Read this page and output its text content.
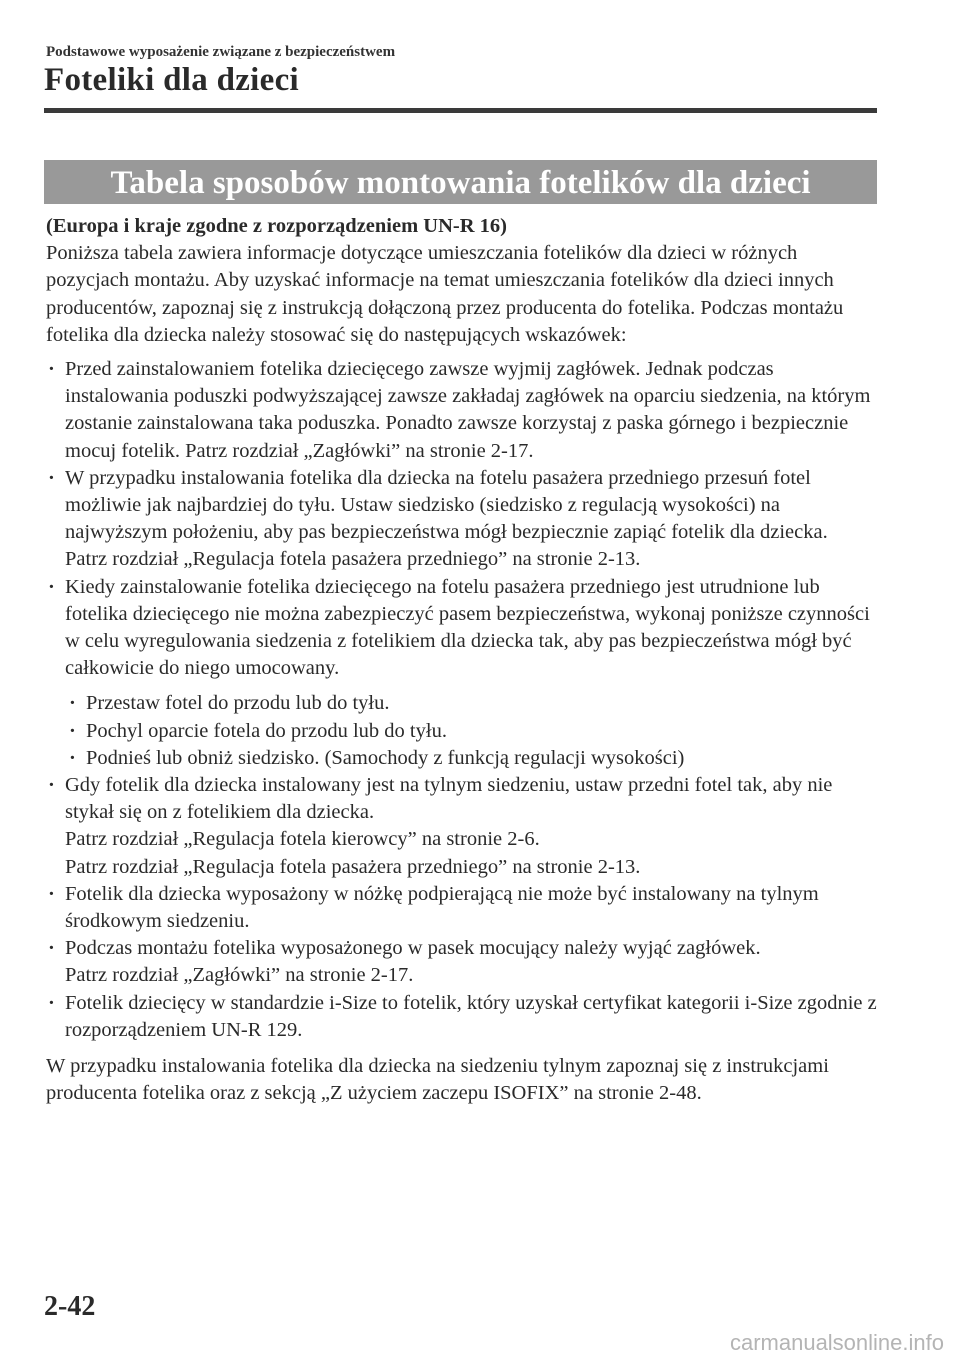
Podstawowe wyposażenie związane z bezpieczeństwem
Foteliki dla dzieci
Tabela sposobów montowania fotelików dla dzieci

(Europa i kraje zgodne z rozporządzeniem UN-R 16)

Poniższa tabela zawiera informacje dotyczące umieszczania fotelików dla dzieci w różnych pozycjach montażu. Aby uzyskać informacje na temat umieszczania fotelików dla dzieci innych producentów, zapoznaj się z instrukcją dołączoną przez producenta do fotelika. Podczas montażu fotelika dla dziecka należy stosować się do następujących wskazówek:

· Przed zainstalowaniem fotelika dziecięcego zawsze wyjmij zagłówek. Jednak podczas instalowania poduszki podwyższającej zawsze zakładaj zagłówek na oparciu siedzenia, na którym zostanie zainstalowana taka poduszka. Ponadto zawsze korzystaj z paska górnego i bezpiecznie mocuj fotelik. Patrz rozdział „Zagłówki” na stronie 2-17.
· W przypadku instalowania fotelika dla dziecka na fotelu pasażera przedniego przesuń fotel możliwie jak najbardziej do tyłu. Ustaw siedzisko (siedzisko z regulacją wysokości) na najwyższym położeniu, aby pas bezpieczeństwa mógł bezpiecznie zapiąć fotelik dla dziecka.
Patrz rozdział „Regulacja fotela pasażera przedniego” na stronie 2-13.
· Kiedy zainstalowanie fotelika dziecięcego na fotelu pasażera przedniego jest utrudnione lub fotelika dziecięcego nie można zabezpieczyć pasem bezpieczeństwa, wykonaj poniższe czynności w celu wyregulowania siedzenia z fotelikiem dla dziecka tak, aby pas bezpieczeństwa mógł być całkowicie do niego umocowany.
· Przestaw fotel do przodu lub do tyłu.
· Pochyl oparcie fotela do przodu lub do tyłu.
· Podnieś lub obniż siedzisko. (Samochody z funkcją regulacji wysokości)
· Gdy fotelik dla dziecka instalowany jest na tylnym siedzeniu, ustaw przedni fotel tak, aby nie stykał się on z fotelikiem dla dziecka.
Patrz rozdział „Regulacja fotela kierowcy” na stronie 2-6.
Patrz rozdział „Regulacja fotela pasażera przedniego” na stronie 2-13.
· Fotelik dla dziecka wyposażony w nóżkę podpierającą nie może być instalowany na tylnym środkowym siedzeniu.
· Podczas montażu fotelika wyposażonego w pasek mocujący należy wyjąć zagłówek.
Patrz rozdział „Zagłówki” na stronie 2-17.
· Fotelik dziecięcy w standardzie i-Size to fotelik, który uzyskał certyfikat kategorii i-Size zgodnie z rozporządzeniem UN-R 129.

W przypadku instalowania fotelika dla dziecka na siedzeniu tylnym zapoznaj się z instrukcjami producenta fotelika oraz z sekcją „Z użyciem zaczepu ISOFIX” na stronie 2-48.

2-42
carmanualsonline.info
